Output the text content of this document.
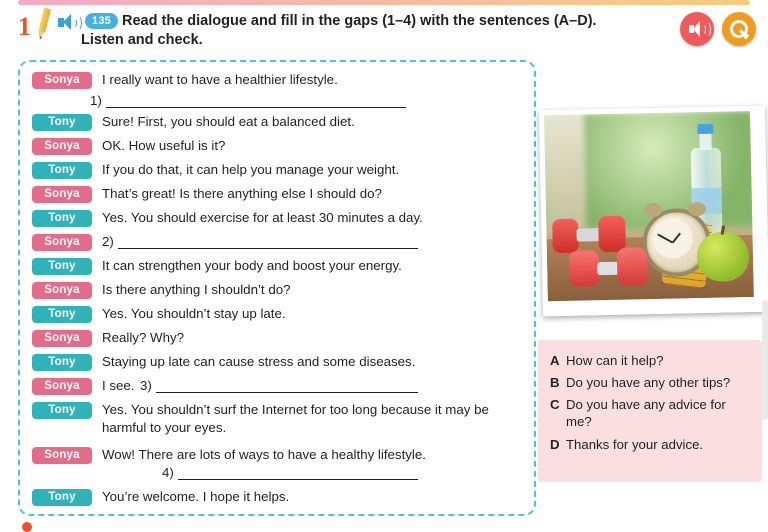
1	135 Read the dialogue and fill in the gaps (1–4) with the sentences (A–D).
Listen and check.
Sonya	I really want to have a healthier lifestyle.
1)
Tony	Sure! First, you should eat a balanced diet.
Sonya	OK. How useful is it?
Tony	If you do that, it can help you manage your weight.
Sonya	That’s great! Is there anything else I should do?
Tony	Yes. You should exercise for at least 30 minutes a day.
Sonya	2)
Tony	It can strengthen your body and boost your energy.
Sonya	Is there anything I shouldn’t do?
Tony	Yes. You shouldn’t stay up late.
Sonya	Really? Why?
Tony	Staying up late can cause stress and some diseases.
Sonya	I see. 3)
Tony	Yes. You shouldn’t surf the Internet for too long because it may be harmful to your eyes.
Sonya	Wow! There are lots of ways to have a healthy lifestyle.
4)
Tony	You’re welcome. I hope it helps.
A How can it help?
B Do you have any other tips?
C Do you have any advice for me?
D Thanks for your advice.
